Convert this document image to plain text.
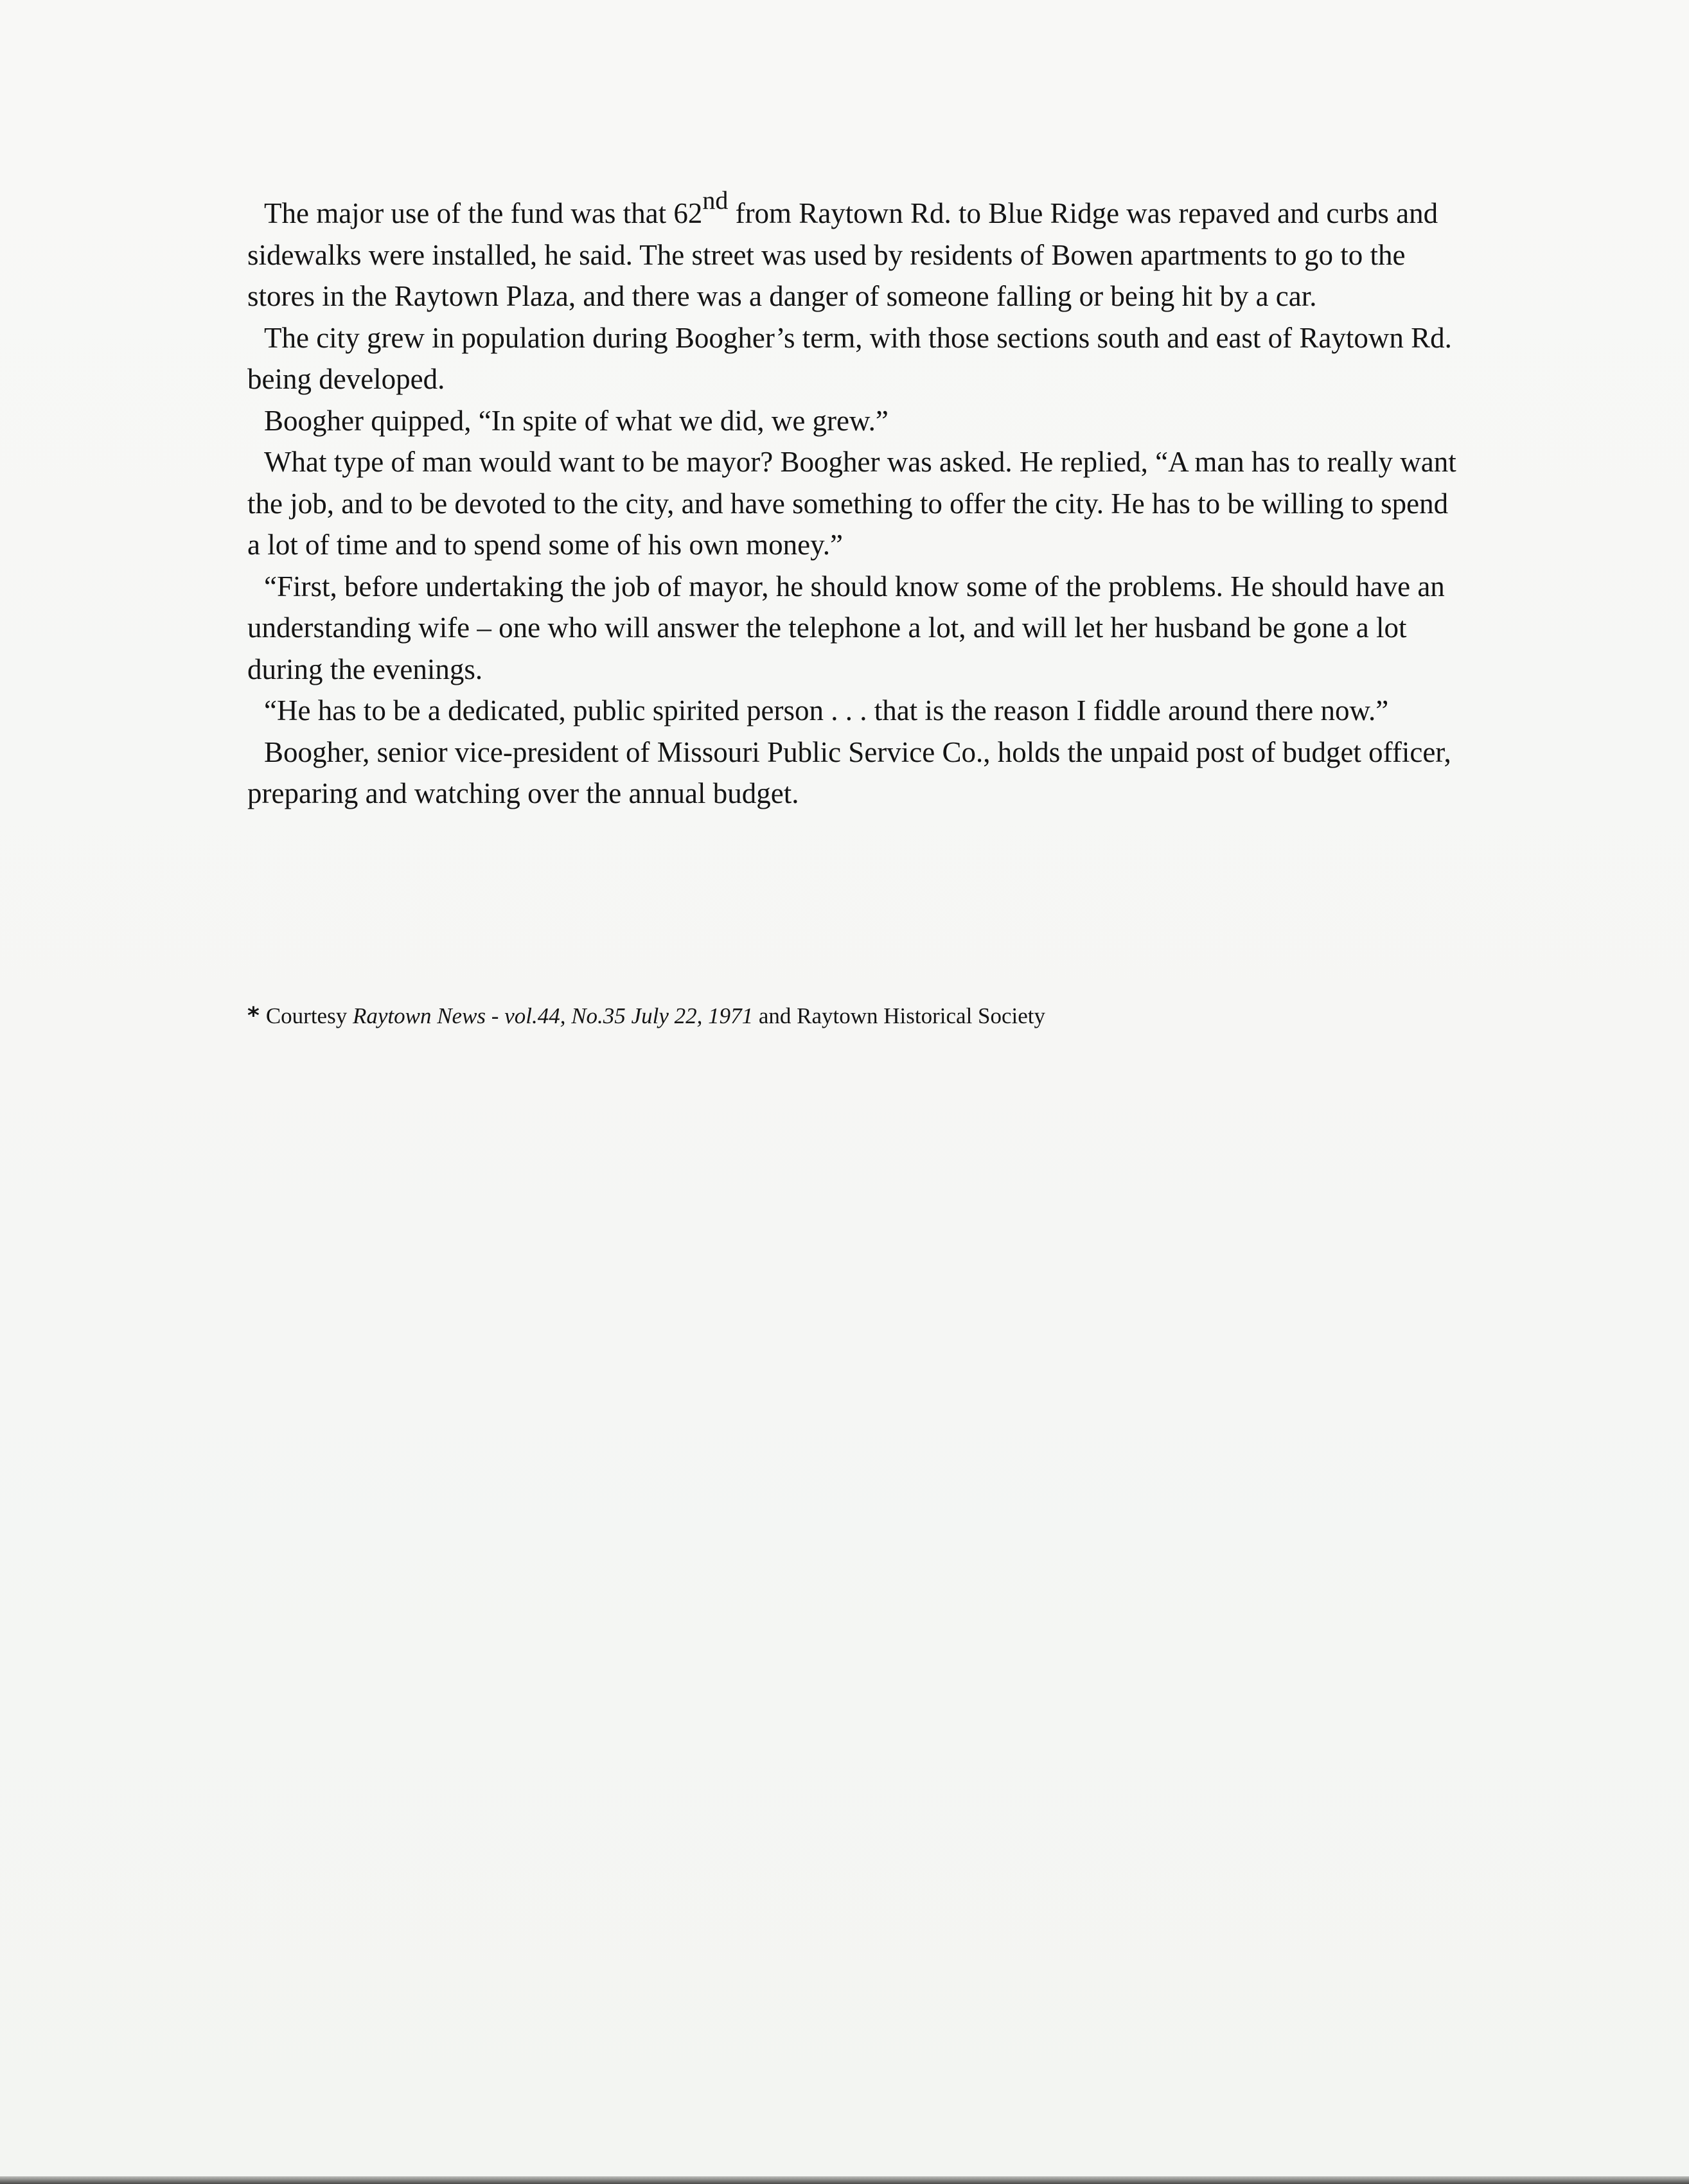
The major use of the fund was that 62nd from Raytown Rd. to Blue Ridge was repaved and curbs and sidewalks were installed, he said. The street was used by residents of Bowen apartments to go to the stores in the Raytown Plaza, and there was a danger of someone falling or being hit by a car.

The city grew in population during Boogher’s term, with those sections south and east of Raytown Rd. being developed.

Boogher quipped, “In spite of what we did, we grew.”

What type of man would want to be mayor? Boogher was asked. He replied, “A man has to really want the job, and to be devoted to the city, and have something to offer the city. He has to be willing to spend a lot of time and to spend some of his own money.”

“First, before undertaking the job of mayor, he should know some of the problems. He should have an understanding wife – one who will answer the telephone a lot, and will let her husband be gone a lot during the evenings.

“He has to be a dedicated, public spirited person . . . that is the reason I fiddle around there now.”

Boogher, senior vice-president of Missouri Public Service Co., holds the unpaid post of budget officer, preparing and watching over the annual budget.

* Courtesy Raytown News - vol.44, No.35 July 22, 1971 and Raytown Historical Society
